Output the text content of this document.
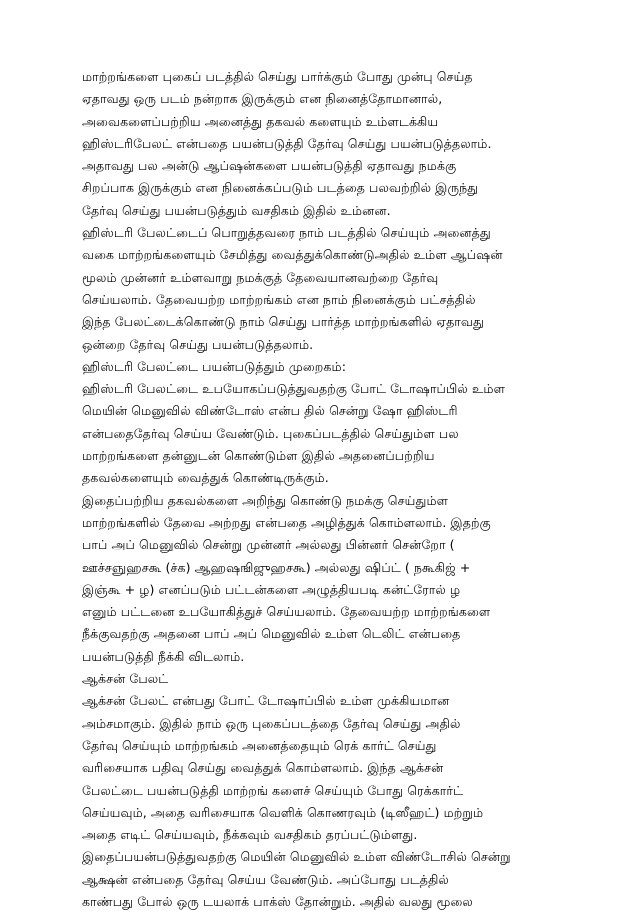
மாற்றங்களை புகைப் படத்தில் செய்து பார்க்கும் போது முன்பு செய்த
ஏதாவது ஒரு படம் நன்றாக இருக்கும் என நினைத்தோமானால்,
அவைகளைப்பற்றிய அனைத்து தகவல் களையும் உம்ளடக்கிய
ஹிஸ்டரிபேலட் என்பதை பயன்படுத்தி தேர்வு செய்து பயன்படுத்தலாம்.
அதாவது பல அன்டு ஆப்ஷன்களை பயன்படுத்தி ஏதாவது நமக்கு
சிறப்பாக இருக்கும் என நினைக்கப்படும் படத்தை பலவற்றில் இருந்து
தேர்வு செய்து பயன்படுத்தும் வசதிகம் இதில் உம்னன.
ஹிஸ்டரி பேலட்டைப் பொறுத்தவரை நாம் படத்தில் செய்யும் அனைத்து
வகை மாற்றங்களையும் சேமித்து வைத்துக்கொண்டுஅதில் உம்ள ஆப்ஷன்
மூலம் முன்னர் உம்ளவாறு நமக்குத் தேவையானவற்றை தேர்வு
செய்யலாம். தேவையற்ற மாற்றங்கம் என நாம் நினைக்கும் பட்சத்தில்
இந்த பேலட்டைக்கொண்டு நாம் செய்து பார்த்த மாற்றங்களில் ஏதாவது
ஒன்றை தேர்வு செய்து பயன்படுத்தலாம்.
ஹிஸ்டரி பேலட்டை பயன்படுத்தும் முறைகம்:
ஹிஸ்டரி பேலட்டை உபயோகப்படுத்துவதற்கு போட் டோஷாப்பில் உம்ள
மெயின் மெனுவில் விண்டோஸ் என்ப தில் சென்று ஷோ ஹிஸ்டரி
என்பதைதேர்வு செய்ய வேண்டும். புகைப்படத்தில் செய்தும்ள பல
மாற்றங்களை தன்னுடன் கொண்டும்ள இதில் அதனைப்பற்றிய
தகவல்களையும் வைத்துக் கொண்டிருக்கும்.
இதைப்பற்றிய தகவல்களை அறிந்து கொண்டு நமக்கு செய்தும்ள
மாற்றங்களில் தேவை அற்றது என்பதை அழித்துக் கொம்ளலாம். இதற்கு
பாப் அப் மெனுவில் சென்று முன்னர் அல்லது பின்னர் சென்றோ (
ஊச்சஞுஹசகூ (ச்க) ஆஹஷஙிஜுஹசகூ) அல்லது ஷிப்ட் ( நகூகிஜ் +
இஞ்கூ + ழ) எனப்படும் பட்டன்களை அழுத்தியபடி கன்ட்ரோல் ழ
எனும் பட்டனை உபயோகித்துச் செய்யலாம். தேவையற்ற மாற்றங்களை
நீக்குவதற்கு அதனை பாப் அப் மெனுவில் உம்ள டெலிட் என்பதை
பயன்படுத்தி நீக்கி விடலாம்.
ஆக்சன் பேலட்
ஆக்சன் பேலட் என்பது போட் டோஷாப்பில் உம்ள முக்கியமான
அம்சமாகும். இதில் நாம் ஒரு புகைப்படத்தை தேர்வு செய்து அதில்
தேர்வு செய்யும் மாற்றங்கம் அனைத்தையும் ரெக் கார்ட் செய்து
வரிசையாக பதிவு செய்து வைத்துக் கொம்ளலாம். இந்த ஆக்சன்
பேலட்டை பயன்படுத்தி மாற்றங் களைச் செய்யும் போது ரெக்கார்ட்
செய்யவும், அதை வரிசையாக வெளிக் கொணரவும் (டிஸீஹட்) மற்றும்
அதை எடிட் செய்யவும், நீக்கவும் வசதிகம் தரப்பட்டும்ளது.
இதைப்பயன்படுத்துவதற்கு மெயின் மெனுவில் உம்ள விண்டோசில் சென்று
ஆக்ஷன் என்பதை தேர்வு செய்ய வேண்டும். அப்போது படத்தில்
காண்பது போல் ஒரு டயலாக் பாக்ஸ் தோன்றும். அதில் வலது மூலை
